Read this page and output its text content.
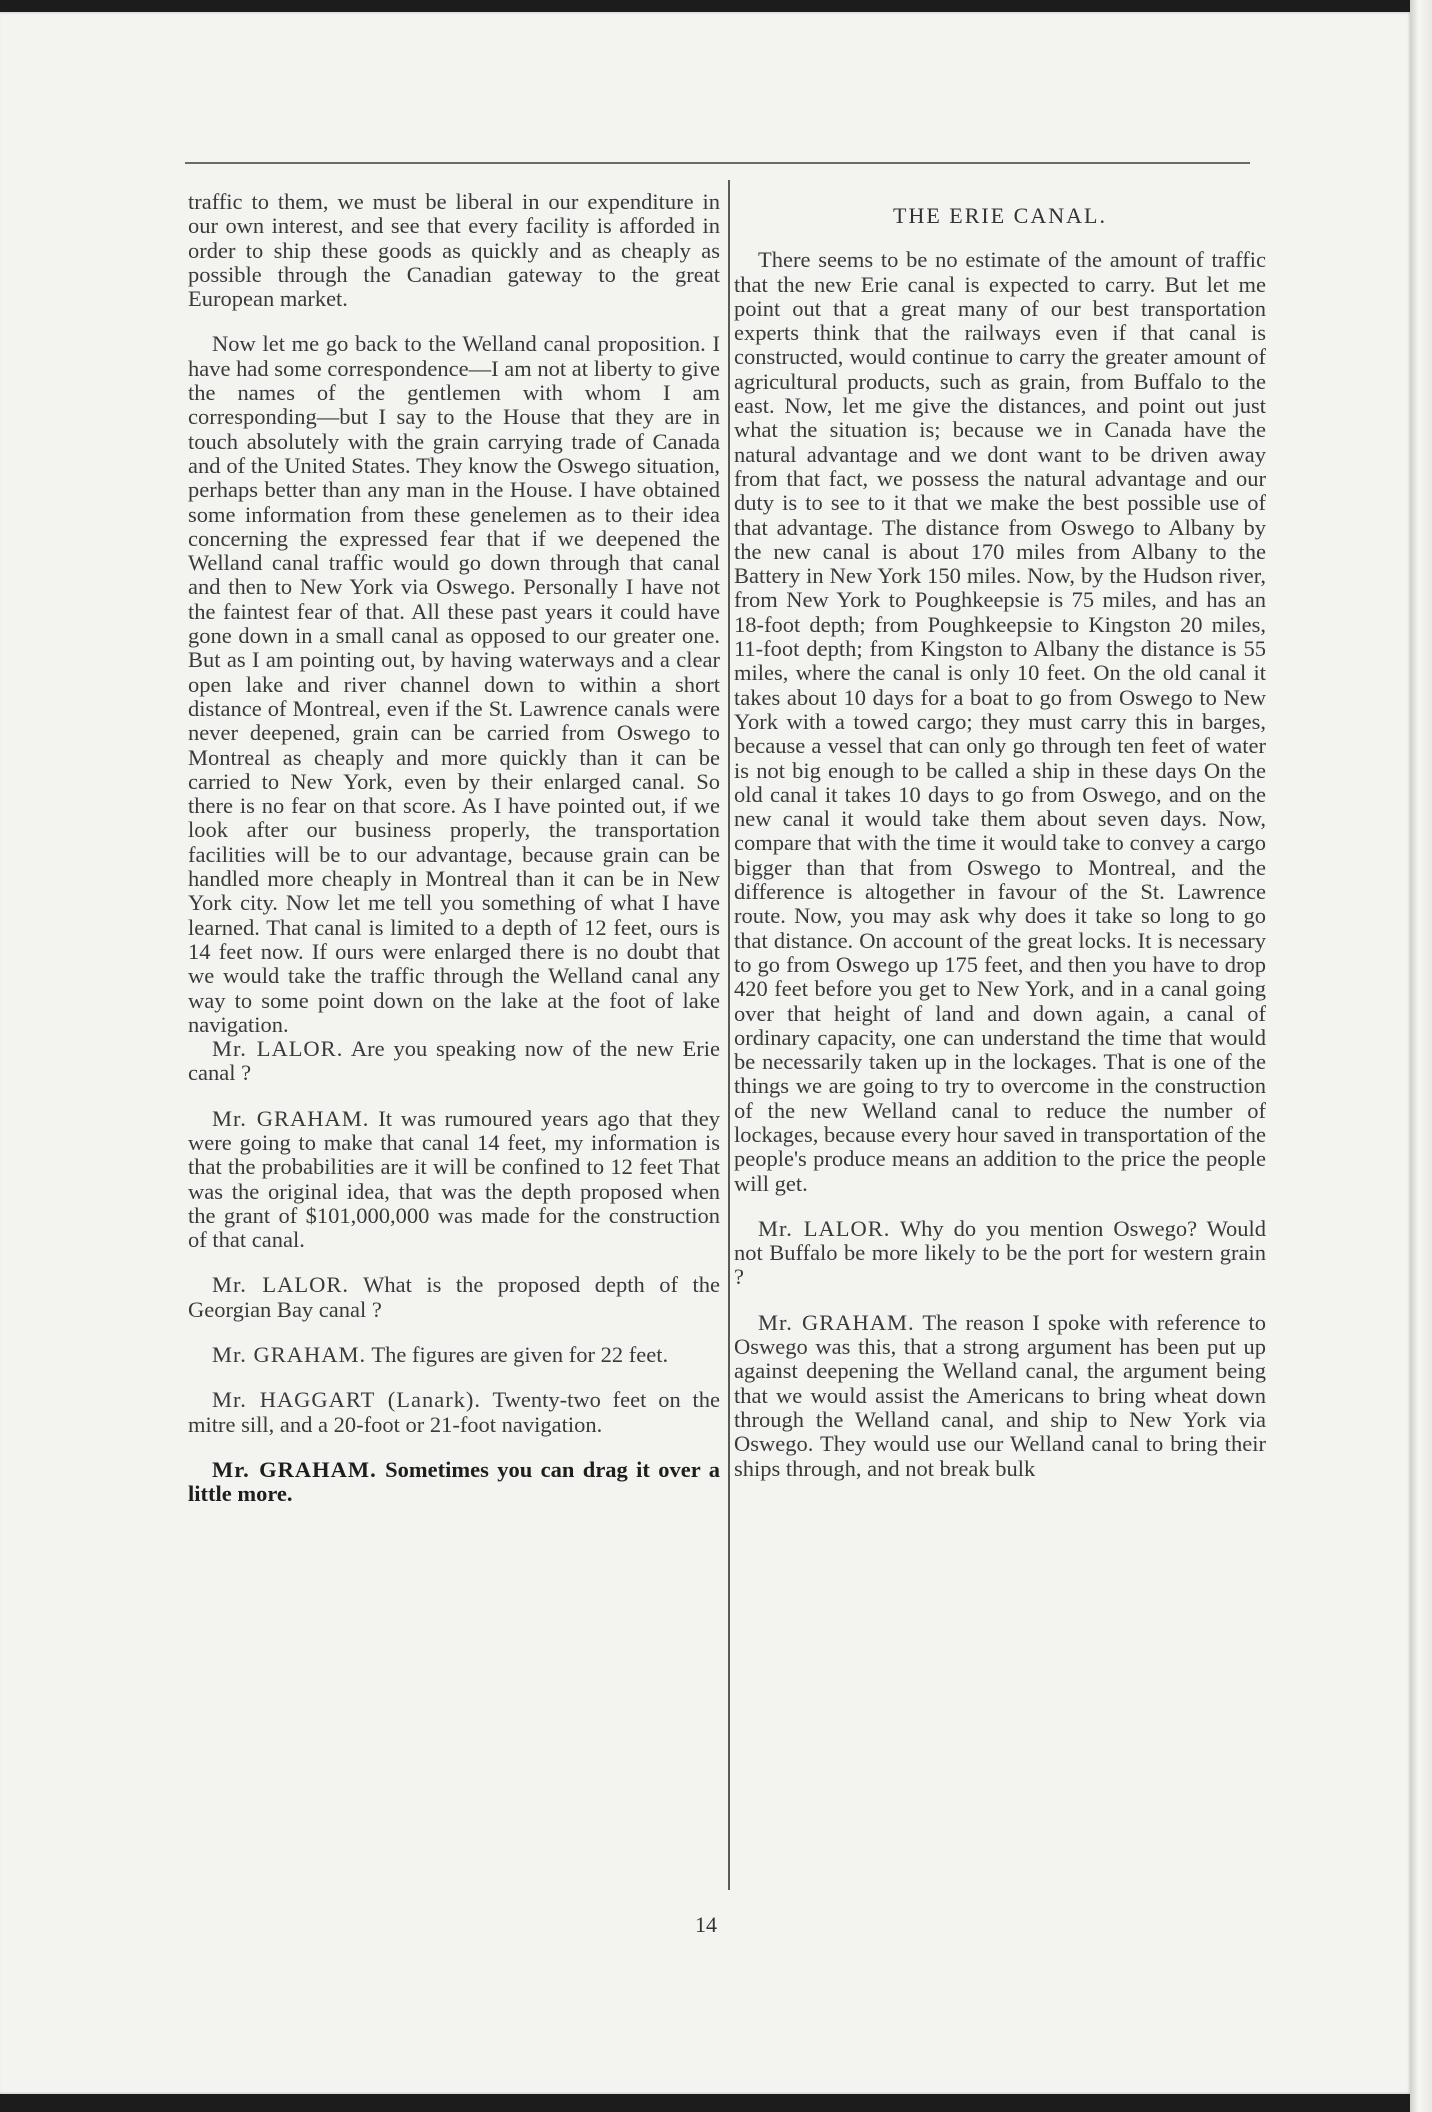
traffic to them, we must be liberal in our expenditure in our own interest, and see that every facility is afforded in order to ship these goods as quickly and as cheaply as possible through the Canadian gateway to the great European market.

Now let me go back to the Welland canal proposition. I have had some correspondence—I am not at liberty to give the names of the gentlemen with whom I am corresponding—but I say to the House that they are in touch absolutely with the grain carrying trade of Canada and of the United States. They know the Oswego situation, perhaps better than any man in the House. I have obtained some information from these genelemen as to their idea concerning the expressed fear that if we deepened the Welland canal traffic would go down through that canal and then to New York via Oswego. Personally I have not the faintest fear of that. All these past years it could have gone down in a small canal as opposed to our greater one. But as I am pointing out, by having waterways and a clear open lake and river channel down to within a short distance of Montreal, even if the St. Lawrence canals were never deepened, grain can be carried from Oswego to Montreal as cheaply and more quickly than it can be carried to New York, even by their enlarged canal. So there is no fear on that score. As I have pointed out, if we look after our business properly, the transportation facilities will be to our advantage, because grain can be handled more cheaply in Montreal than it can be in New York city. Now let me tell you something of what I have learned. That canal is limited to a depth of 12 feet, ours is 14 feet now. If ours were enlarged there is no doubt that we would take the traffic through the Welland canal any way to some point down on the lake at the foot of lake navigation.

Mr. LALOR. Are you speaking now of the new Erie canal ?

Mr. GRAHAM. It was rumoured years ago that they were going to make that canal 14 feet, my information is that the probabilities are it will be confined to 12 feet That was the original idea, that was the depth proposed when the grant of $101,000,000 was made for the construction of that canal.

Mr. LALOR. What is the proposed depth of the Georgian Bay canal ?

Mr. GRAHAM. The figures are given for 22 feet.

Mr. HAGGART (Lanark). Twenty-two feet on the mitre sill, and a 20-foot or 21-foot navigation.

Mr. GRAHAM. Sometimes you can drag it over a little more.

THE ERIE CANAL.

There seems to be no estimate of the amount of traffic that the new Erie canal is expected to carry. But let me point out that a great many of our best transportation experts think that the railways even if that canal is constructed, would continue to carry the greater amount of agricultural products, such as grain, from Buffalo to the east. Now, let me give the distances, and point out just what the situation is; because we in Canada have the natural advantage and we dont want to be driven away from that fact, we possess the natural advantage and our duty is to see to it that we make the best possible use of that advantage. The distance from Oswego to Albany by the new canal is about 170 miles from Albany to the Battery in New York 150 miles. Now, by the Hudson river, from New York to Poughkeepsie is 75 miles, and has an 18-foot depth; from Poughkeepsie to Kingston 20 miles, 11-foot depth; from Kingston to Albany the distance is 55 miles, where the canal is only 10 feet. On the old canal it takes about 10 days for a boat to go from Oswego to New York with a towed cargo; they must carry this in barges, because a vessel that can only go through ten feet of water is not big enough to be called a ship in these days On the old canal it takes 10 days to go from Oswego, and on the new canal it would take them about seven days. Now, compare that with the time it would take to convey a cargo bigger than that from Oswego to Montreal, and the difference is altogether in favour of the St. Lawrence route. Now, you may ask why does it take so long to go that distance. On account of the great locks. It is necessary to go from Oswego up 175 feet, and then you have to drop 420 feet before you get to New York, and in a canal going over that height of land and down again, a canal of ordinary capacity, one can understand the time that would be necessarily taken up in the lockages. That is one of the things we are going to try to overcome in the construction of the new Welland canal to reduce the number of lockages, because every hour saved in transportation of the people's produce means an addition to the price the people will get.

Mr. LALOR. Why do you mention Oswego? Would not Buffalo be more likely to be the port for western grain ?

Mr. GRAHAM. The reason I spoke with reference to Oswego was this, that a strong argument has been put up against deepening the Welland canal, the argument being that we would assist the Americans to bring wheat down through the Welland canal, and ship to New York via Oswego. They would use our Welland canal to bring their ships through, and not break bulk

14
